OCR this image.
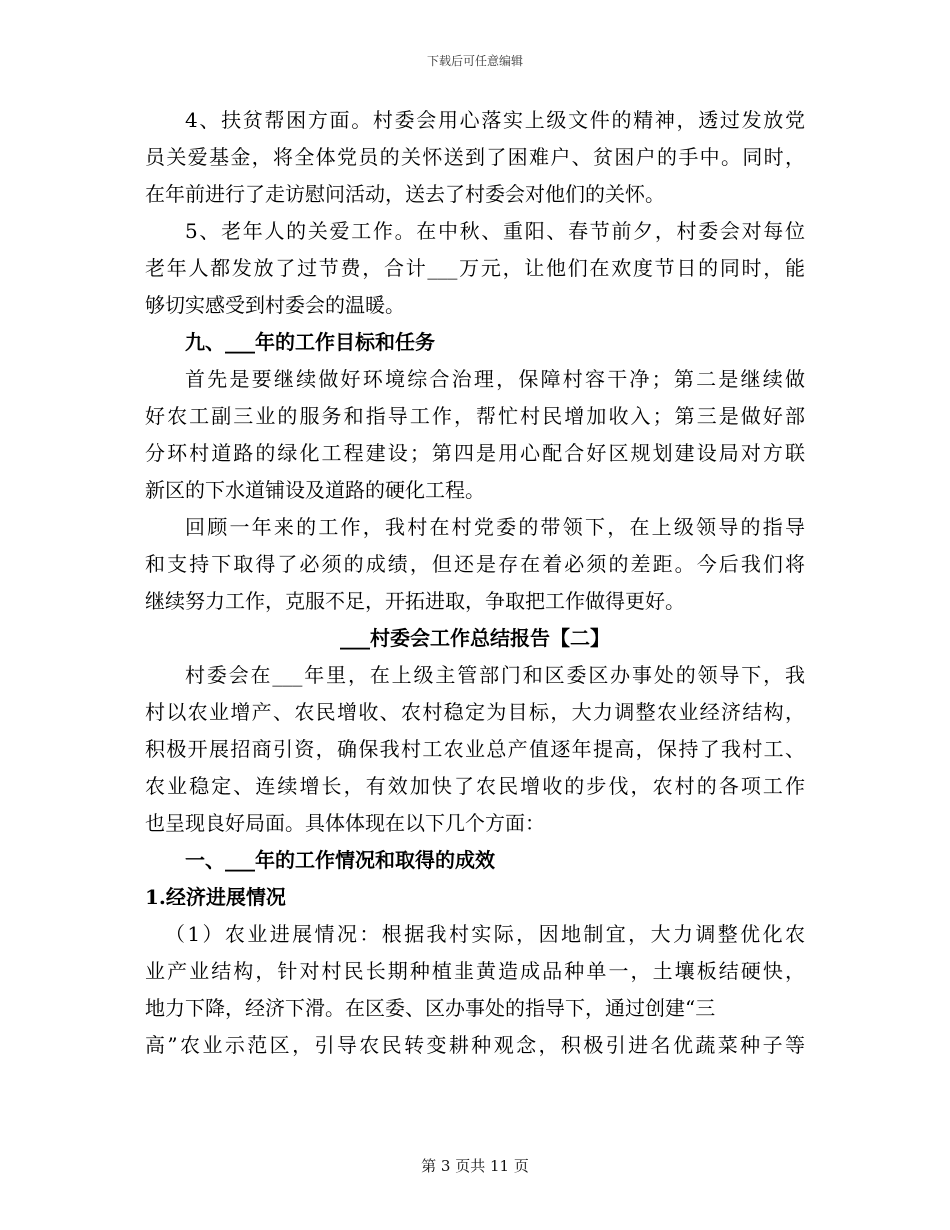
下载后可任意编辑
4、扶贫帮困方面。村委会用心落实上级文件的精神，透过发放党
员关爱基金，将全体党员的关怀送到了困难户、贫困户的手中。同时，
在年前进行了走访慰问活动，送去了村委会对他们的关怀。
5、老年人的关爱工作。在中秋、重阳、春节前夕，村委会对每位
老年人都发放了过节费，合计___万元，让他们在欢度节日的同时，能
够切实感受到村委会的温暖。
九、___年的工作目标和任务
首先是要继续做好环境综合治理，保障村容干净；第二是继续做
好农工副三业的服务和指导工作，帮忙村民增加收入；第三是做好部
分环村道路的绿化工程建设；第四是用心配合好区规划建设局对方联
新区的下水道铺设及道路的硬化工程。
回顾一年来的工作，我村在村党委的带领下，在上级领导的指导
和支持下取得了必须的成绩，但还是存在着必须的差距。今后我们将
继续努力工作，克服不足，开拓进取，争取把工作做得更好。
___村委会工作总结报告【二】
村委会在___年里，在上级主管部门和区委区办事处的领导下，我
村以农业增产、农民增收、农村稳定为目标，大力调整农业经济结构，
积极开展招商引资，确保我村工农业总产值逐年提高，保持了我村工、
农业稳定、连续增长，有效加快了农民增收的步伐，农村的各项工作
也呈现良好局面。具体体现在以下几个方面：
一、___年的工作情况和取得的成效
1.经济进展情况
（1）农业进展情况：根据我村实际，因地制宜，大力调整优化农
业产业结构，针对村民长期种植韭黄造成品种单一，土壤板结硬快，
地力下降，经济下滑。在区委、区办事处的指导下，通过创建“三
高”农业示范区，引导农民转变耕种观念，积极引进名优蔬菜种子等
第 3 页共 11 页
